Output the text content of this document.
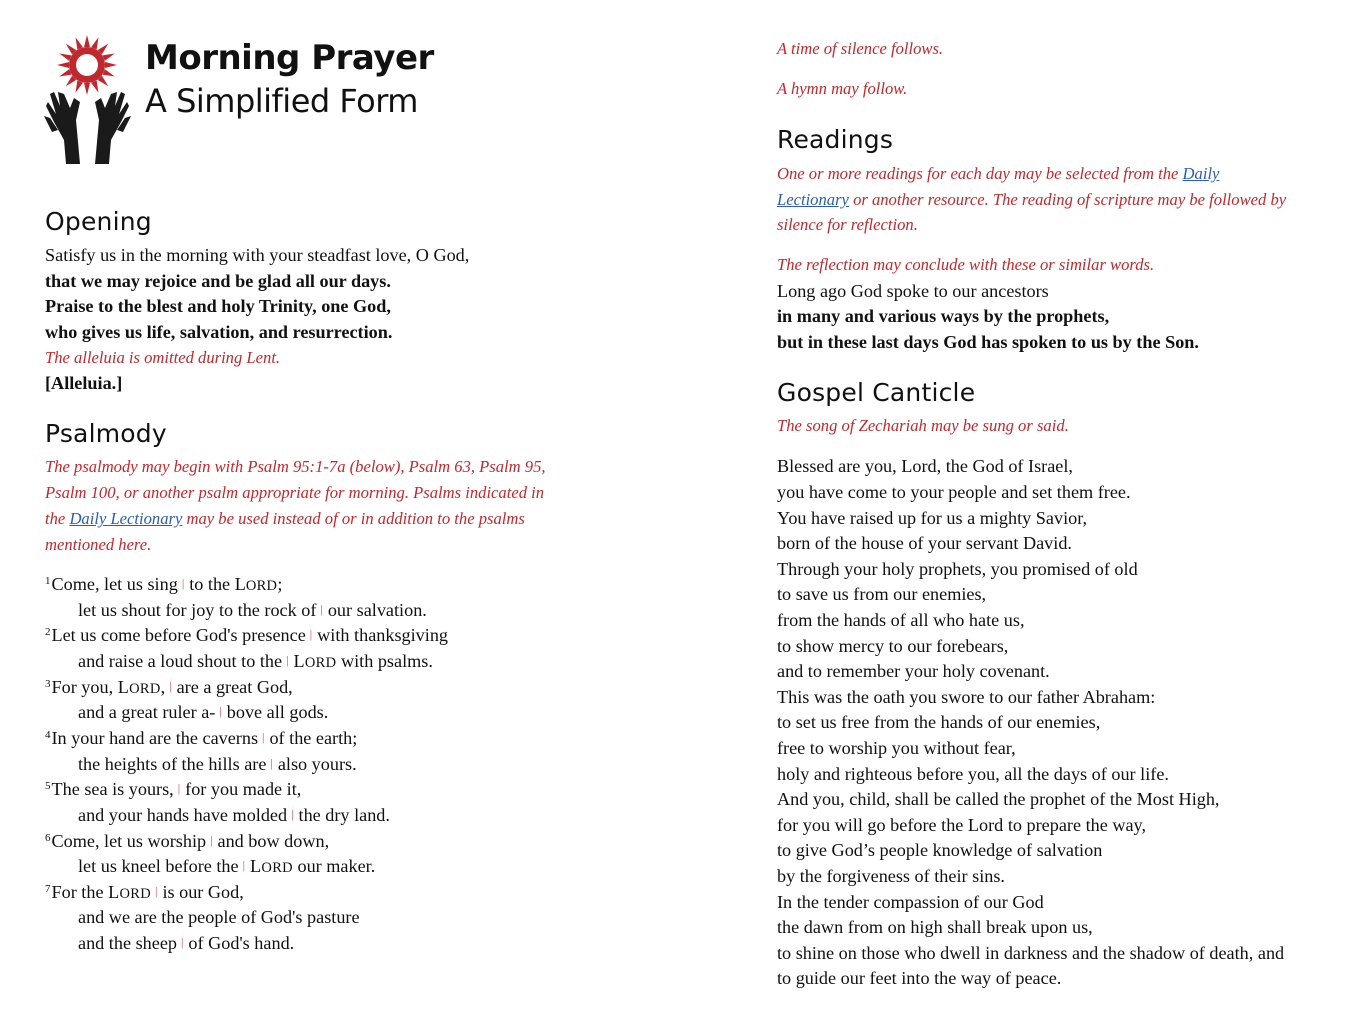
Morning Prayer
A Simplified Form
Opening
Satisfy us in the morning with your steadfast love, O God,
that we may rejoice and be glad all our days.
Praise to the blest and holy Trinity, one God,
who gives us life, salvation, and resurrection.
The alleluia is omitted during Lent.
[Alleluia.]
Psalmody
The psalmody may begin with Psalm 95:1-7a (below), Psalm 63, Psalm 95,
Psalm 100, or another psalm appropriate for morning. Psalms indicated in
the Daily Lectionary may be used instead of or in addition to the psalms
mentioned here.
$^1$Come, let us sing | to the LORD;
let us shout for joy to the rock of | our salvation.
$^2$Let us come before God's presence | with thanksgiving
and raise a loud shout to the | LORD with psalms.
$^3$For you, LORD, | are a great God,
and a great ruler a- | bove all gods.
$^4$In your hand are the caverns | of the earth;
the heights of the hills are | also yours.
$^5$The sea is yours, | for you made it,
and your hands have molded | the dry land.
$^6$Come, let us worship | and bow down,
let us kneel before the | LORD our maker.
$^7$For the LORD | is our God,
and we are the people of God's pasture
and the sheep | of God's hand.
A time of silence follows.
A hymn may follow.
Readings
One or more readings for each day may be selected from the Daily
Lectionary or another resource. The reading of scripture may be followed by
silence for reflection.
The reflection may conclude with these or similar words.
Long ago God spoke to our ancestors
in many and various ways by the prophets,
but in these last days God has spoken to us by the Son.
Gospel Canticle
The song of Zechariah may be sung or said.
Blessed are you, Lord, the God of Israel,
you have come to your people and set them free.
You have raised up for us a mighty Savior,
born of the house of your servant David.
Through your holy prophets, you promised of old
to save us from our enemies,
from the hands of all who hate us,
to show mercy to our forebears,
and to remember your holy covenant.
This was the oath you swore to our father Abraham:
to set us free from the hands of our enemies,
free to worship you without fear,
holy and righteous before you, all the days of our life.
And you, child, shall be called the prophet of the Most High,
for you will go before the Lord to prepare the way,
to give God’s people knowledge of salvation
by the forgiveness of their sins.
In the tender compassion of our God
the dawn from on high shall break upon us,
to shine on those who dwell in darkness and the shadow of death, and
to guide our feet into the way of peace.
